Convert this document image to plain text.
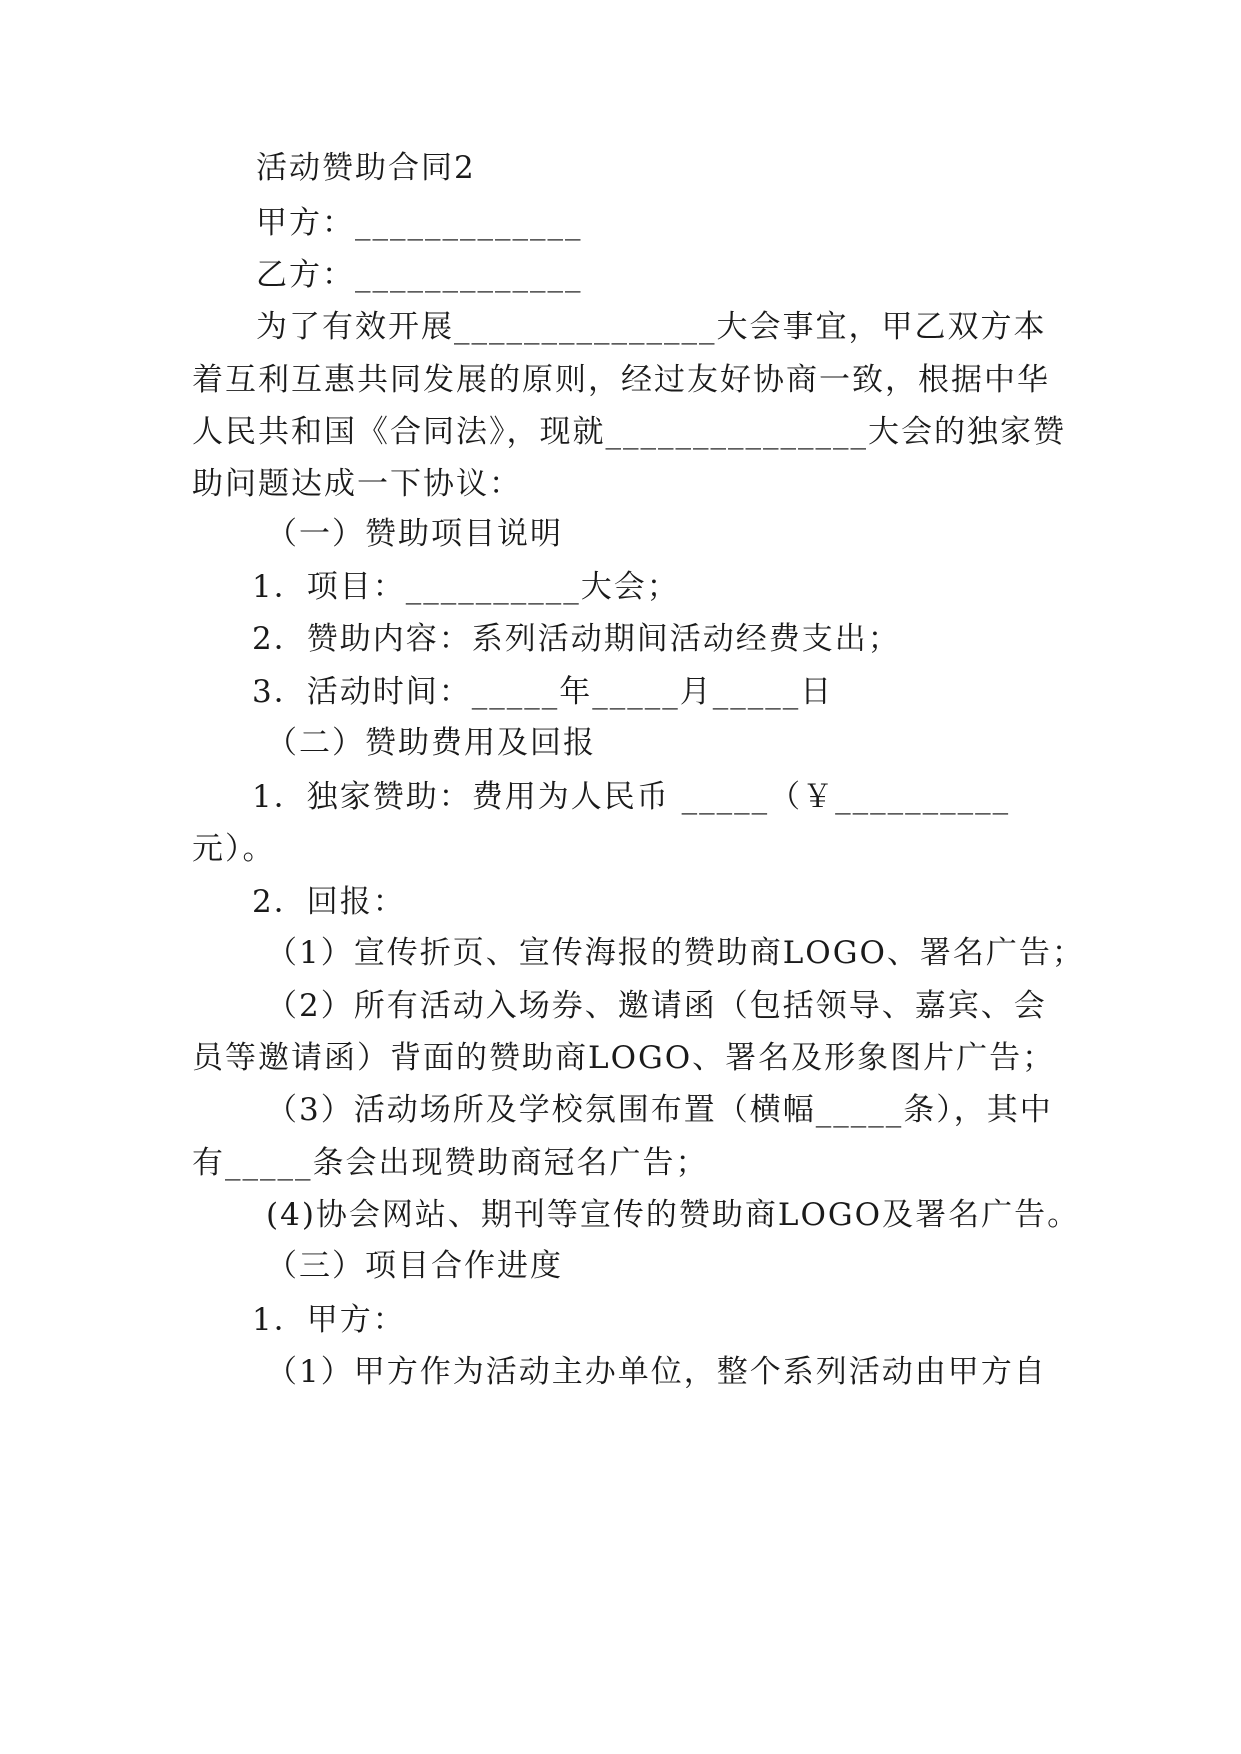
活动赞助合同2
甲方：_____________
乙方：_____________
为了有效开展_______________大会事宜，甲乙双方本
着互利互惠共同发展的原则，经过友好协商一致，根据中华
人民共和国《合同法》，现就_______________大会的独家赞
助问题达成一下协议：
（一）赞助项目说明
1．项目：__________大会；
2．赞助内容：系列活动期间活动经费支出；
3．活动时间：_____年_____月_____日
（二）赞助费用及回报
1．独家赞助：费用为人民币 _____（￥__________
元）。
2．回报：
（1）宣传折页、宣传海报的赞助商LOGO、署名广告；
（2）所有活动入场券、邀请函（包括领导、嘉宾、会
员等邀请函）背面的赞助商LOGO、署名及形象图片广告；
（3）活动场所及学校氛围布置（横幅_____条），其中
有_____条会出现赞助商冠名广告；
(4)协会网站、期刊等宣传的赞助商LOGO及署名广告。
（三）项目合作进度
1．甲方：
（1）甲方作为活动主办单位，整个系列活动由甲方自
